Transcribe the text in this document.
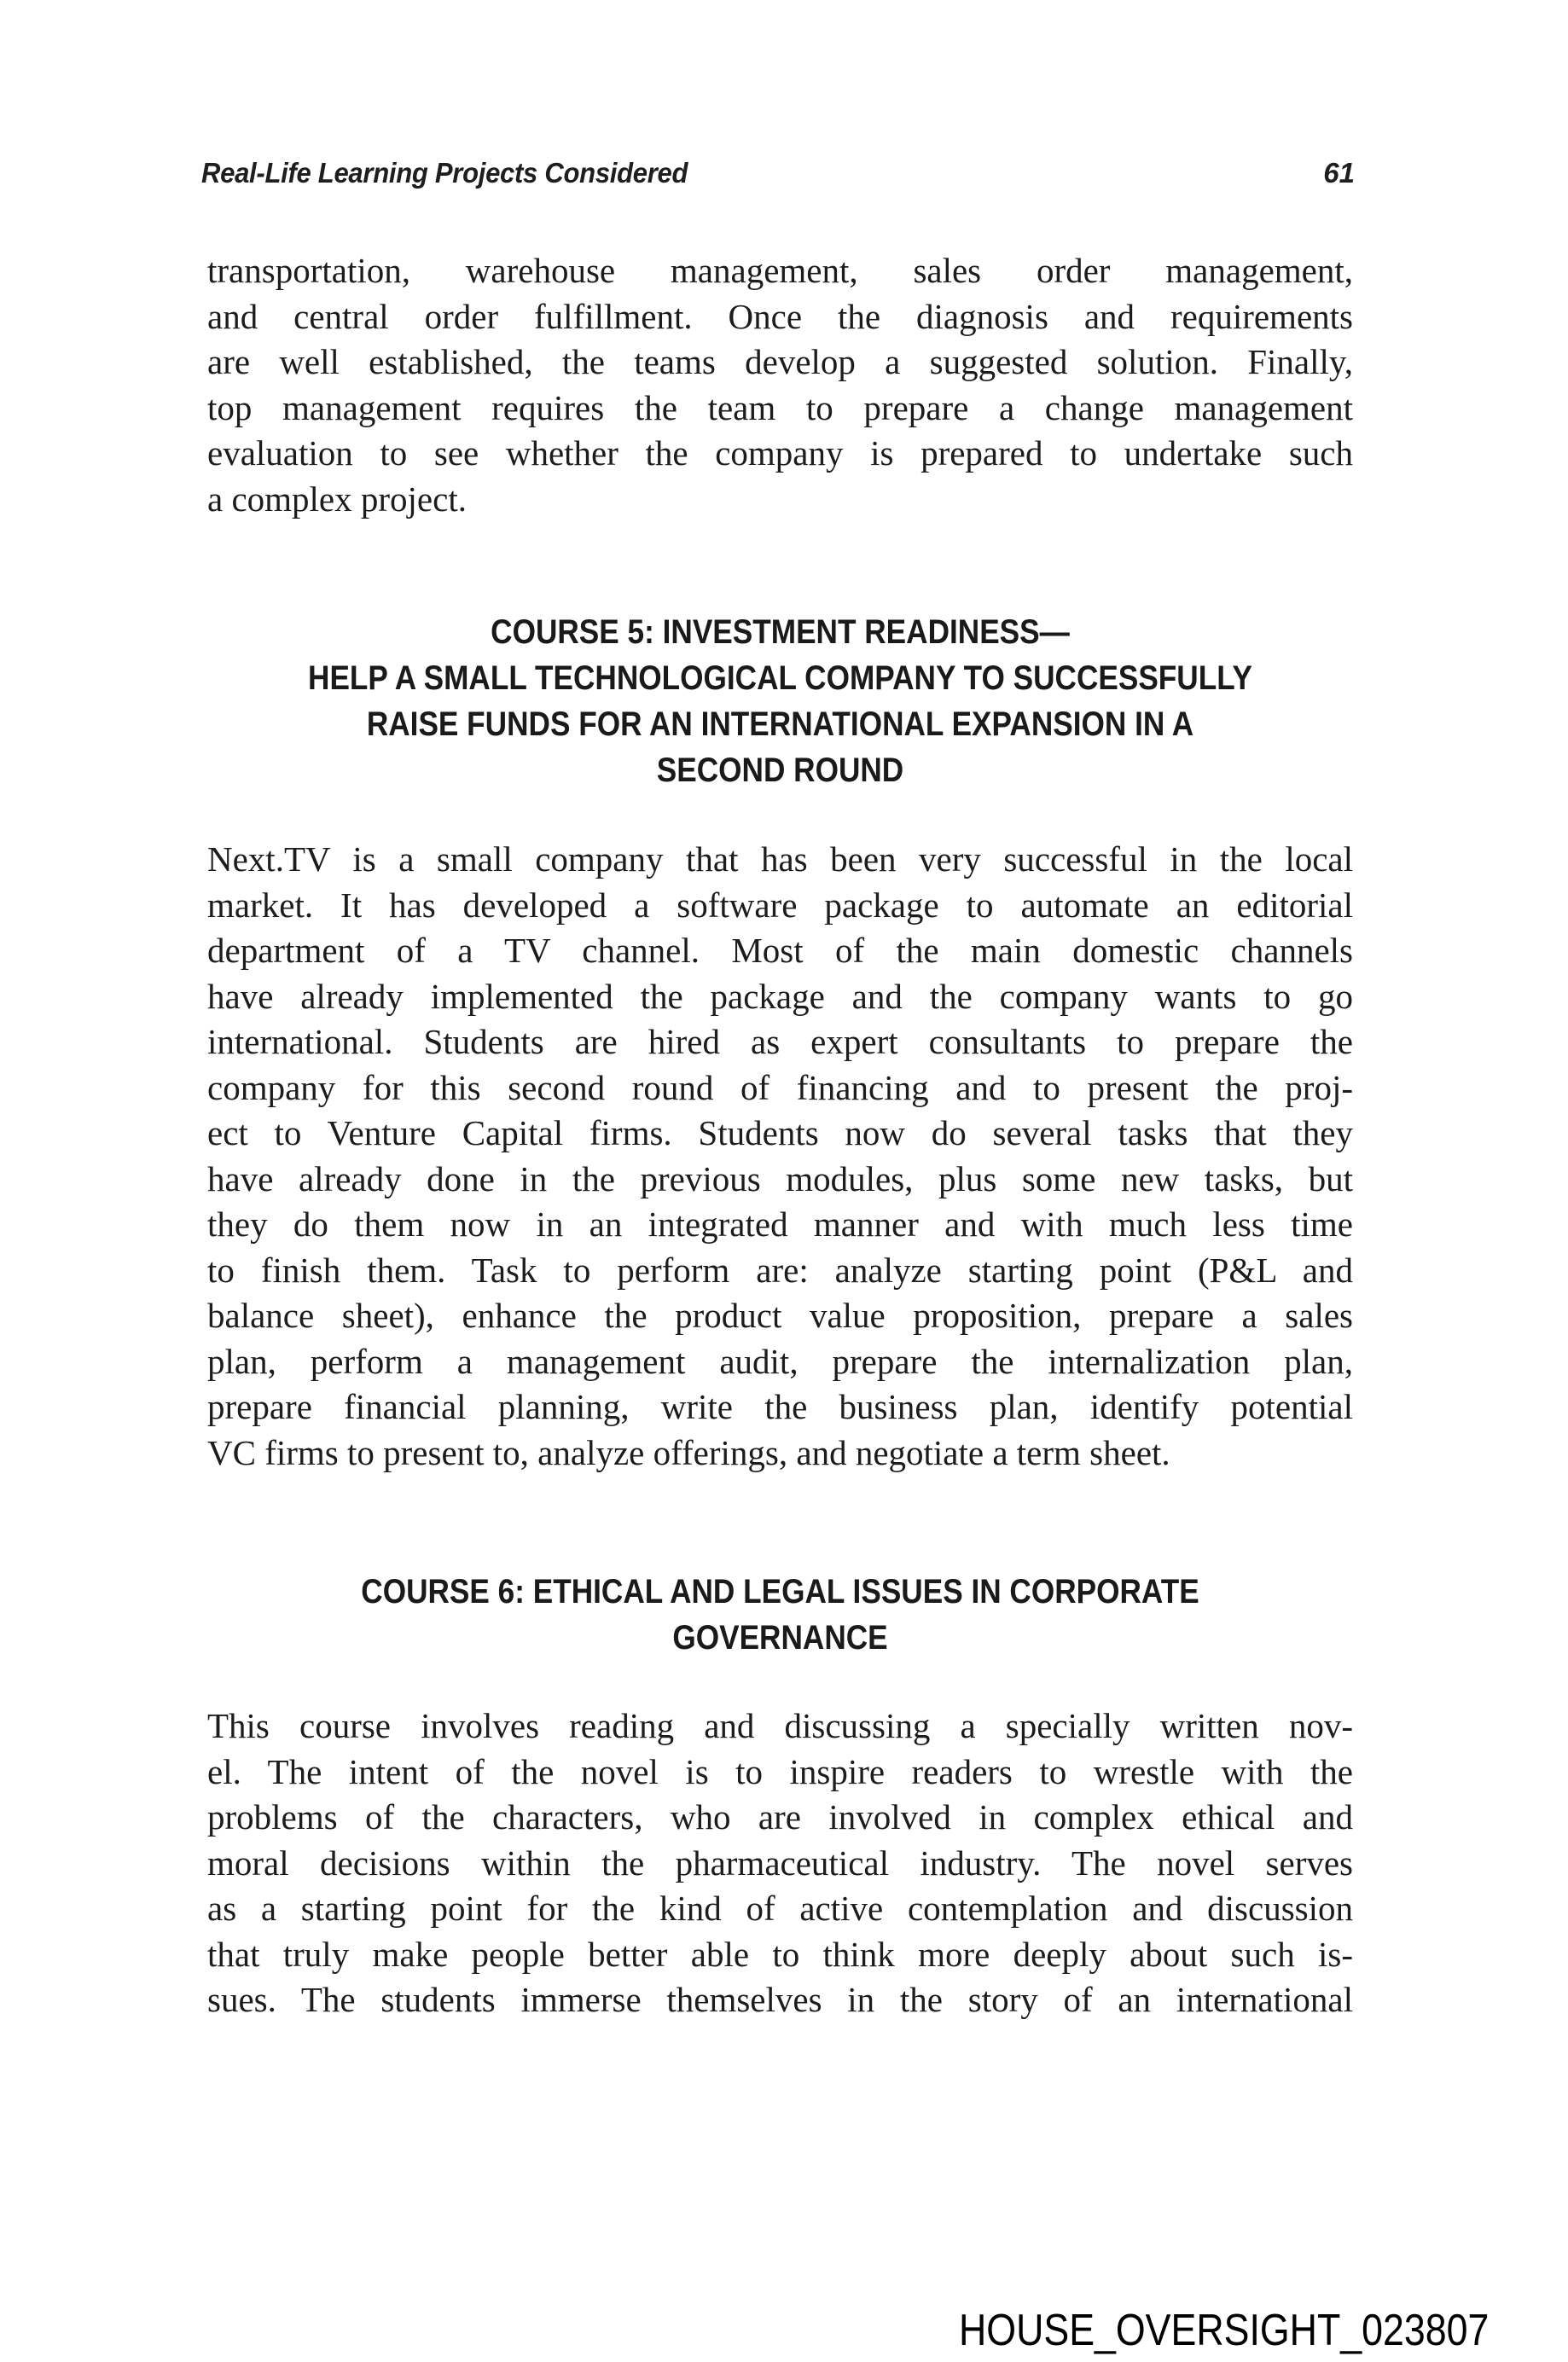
Real-Life Learning Projects Considered	61
transportation, warehouse management, sales order management,
and central order fulfillment. Once the diagnosis and requirements
are well established, the teams develop a suggested solution. Finally,
top management requires the team to prepare a change management
evaluation to see whether the company is prepared to undertake such
a complex project.
COURSE 5: INVESTMENT READINESS—
HELP A SMALL TECHNOLOGICAL COMPANY TO SUCCESSFULLY
RAISE FUNDS FOR AN INTERNATIONAL EXPANSION IN A
SECOND ROUND
Next.TV is a small company that has been very successful in the local
market. It has developed a software package to automate an editorial
department of a TV channel. Most of the main domestic channels
have already implemented the package and the company wants to go
international. Students are hired as expert consultants to prepare the
company for this second round of financing and to present the proj-
ect to Venture Capital firms. Students now do several tasks that they
have already done in the previous modules, plus some new tasks, but
they do them now in an integrated manner and with much less time
to finish them. Task to perform are: analyze starting point (P&L and
balance sheet), enhance the product value proposition, prepare a sales
plan, perform a management audit, prepare the internalization plan,
prepare financial planning, write the business plan, identify potential
VC firms to present to, analyze offerings, and negotiate a term sheet.
COURSE 6: ETHICAL AND LEGAL ISSUES IN CORPORATE
GOVERNANCE
This course involves reading and discussing a specially written nov-
el. The intent of the novel is to inspire readers to wrestle with the
problems of the characters, who are involved in complex ethical and
moral decisions within the pharmaceutical industry. The novel serves
as a starting point for the kind of active contemplation and discussion
that truly make people better able to think more deeply about such is-
sues. The students immerse themselves in the story of an international
HOUSE_OVERSIGHT_023807
